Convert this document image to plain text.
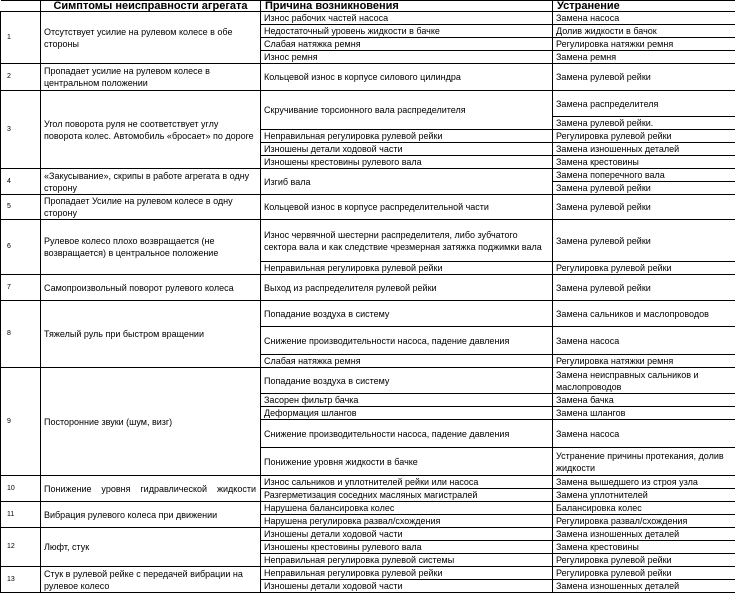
	Симптомы неисправности агрегата	Причина возникновения	Устранение
1	Отсутствует усилие на рулевом колесе в обе стороны	Износ рабочих частей насоса	Замена насоса
		Недостаточный уровень жидкости в бачке	Долив жидкости в бачок
		Слабая натяжка ремня	Регулировка натяжки ремня
		Износ ремня	Замена ремня
2	Пропадает усилие на рулевом колесе в центральном положении	Кольцевой износ в корпусе силового цилиндра	Замена рулевой рейки
3	Угол поворота руля не соответствует углу поворота колес. Автомобиль «бросает» по дороге	Скручивание торсионного вала распределителя	Замена распределителя
			Замена рулевой рейки.
		Неправильная регулировка рулевой рейки	Регулировка рулевой рейки
		Изношены детали ходовой части	Замена изношенных деталей
		Изношены крестовины рулевого вала	Замена крестовины
4	«Закусывание», скрипы в работе агрегата в одну сторону	Изгиб вала	Замена поперечного вала
			Замена рулевой рейки
5	Пропадает Усилие на рулевом колесе в одну сторону	Кольцевой износ в корпусе распределительной части	Замена рулевой рейки
6	Рулевое колесо плохо возвращается (не возвращается) в центральное положение	Износ червячной шестерни распределителя, либо зубчатого сектора вала и как следствие чрезмерная затяжка поджимки вала	Замена рулевой рейки
		Неправильная регулировка рулевой рейки	Регулировка рулевой рейки
7	Самопроизвольный поворот рулевого колеса	Выход из распределителя рулевой рейки	Замена рулевой рейки
8	Тяжелый руль при быстром вращении	Попадание воздуха в систему	Замена сальников и маслопроводов
		Снижение производительности насоса, падение давления	Замена насоса
		Слабая натяжка ремня	Регулировка натяжки ремня
9	Посторонние звуки (шум, визг)	Попадание воздуха в систему	Замена неисправных сальников и маслопроводов
		Засорен фильтр бачка	Замена бачка
		Деформация шлангов	Замена шлангов
		Снижение производительности насоса, падение давления	Замена насоса
		Понижение уровня жидкости в бачке	Устранение причины протекания, долив жидкости
10	Понижение уровня гидравлической жидкости	Износ сальников и уплотнителей рейки или насоса	Замена вышедшего из строя узла
		Разгерметизация соседних масляных магистралей	Замена уплотнителей
11	Вибрация рулевого колеса при движении	Нарушена балансировка колес	Балансировка колес
		Нарушена регулировка развал/схождения	Регулировка развал/схождения
12	Люфт, стук	Изношены детали ходовой части	Замена изношенных деталей
		Изношены крестовины рулевого вала	Замена крестовины
		Неправильная регулировка рулевой системы	Регулировка рулевой рейки
13	Стук в рулевой рейке с передачей вибрации на рулевое колесо	Неправильная регулировка рулевой рейки	Регулировка рулевой рейки
		Изношены детали ходовой части	Замена изношенных деталей
